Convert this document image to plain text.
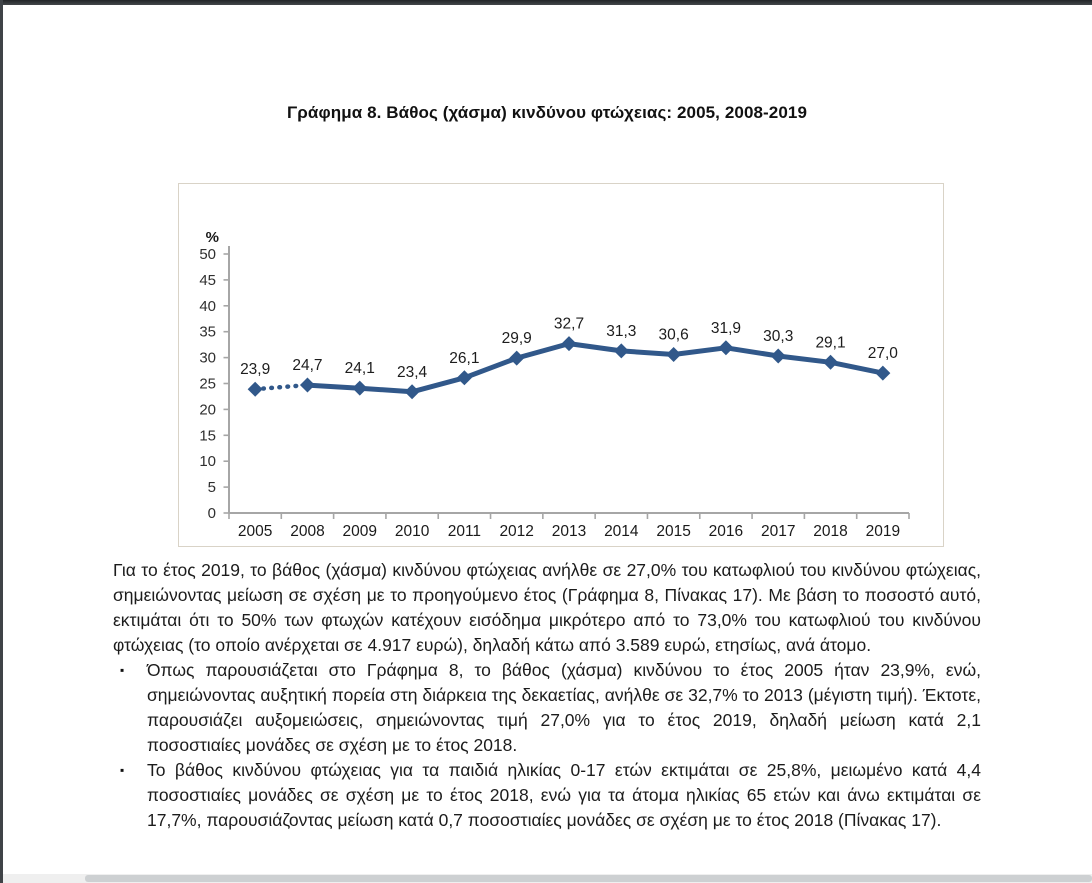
Γράφημα 8. Βάθος (χάσμα) κινδύνου φτώχειας: 2005, 2008-2019
%
0
5
10
15
20
25
30
35
40
45
50
2005 2008 2009 2010 2011 2012 2013 2014 2015 2016 2017 2018 2019
23,9 24,7 24,1 23,4
26,1
29,9
32,7 31,3 30,6 31,9 30,3 29,1
27,0

Για το έτος 2019, το βάθος (χάσμα) κινδύνου φτώχειας ανήλθε σε 27,0% του κατωφλιού του κινδύνου φτώχειας, σημειώνοντας μείωση σε σχέση με το προηγούμενο έτος (Γράφημα 8, Πίνακας 17). Με βάση το ποσοστό αυτό, εκτιμάται ότι το 50% των φτωχών κατέχουν εισόδημα μικρότερο από το 73,0% του κατωφλιού του κινδύνου φτώχειας (το οποίο ανέρχεται σε 4.917 ευρώ), δηλαδή κάτω από 3.589 ευρώ, ετησίως, ανά άτομο.

▪ Όπως παρουσιάζεται στο Γράφημα 8, το βάθος (χάσμα) κινδύνου το έτος 2005 ήταν 23,9%, ενώ, σημειώνοντας αυξητική πορεία στη διάρκεια της δεκαετίας, ανήλθε σε 32,7% το 2013 (μέγιστη τιμή). Έκτοτε, παρουσιάζει αυξομειώσεις, σημειώνοντας τιμή 27,0% για το έτος 2019, δηλαδή μείωση κατά 2,1 ποσοστιαίες μονάδες σε σχέση με το έτος 2018.
▪ Το βάθος κινδύνου φτώχειας για τα παιδιά ηλικίας 0-17 ετών εκτιμάται σε 25,8%, μειωμένο κατά 4,4 ποσοστιαίες μονάδες σε σχέση με το έτος 2018, ενώ για τα άτομα ηλικίας 65 ετών και άνω εκτιμάται σε 17,7%, παρουσιάζοντας μείωση κατά 0,7 ποσοστιαίες μονάδες σε σχέση με το έτος 2018 (Πίνακας 17).
